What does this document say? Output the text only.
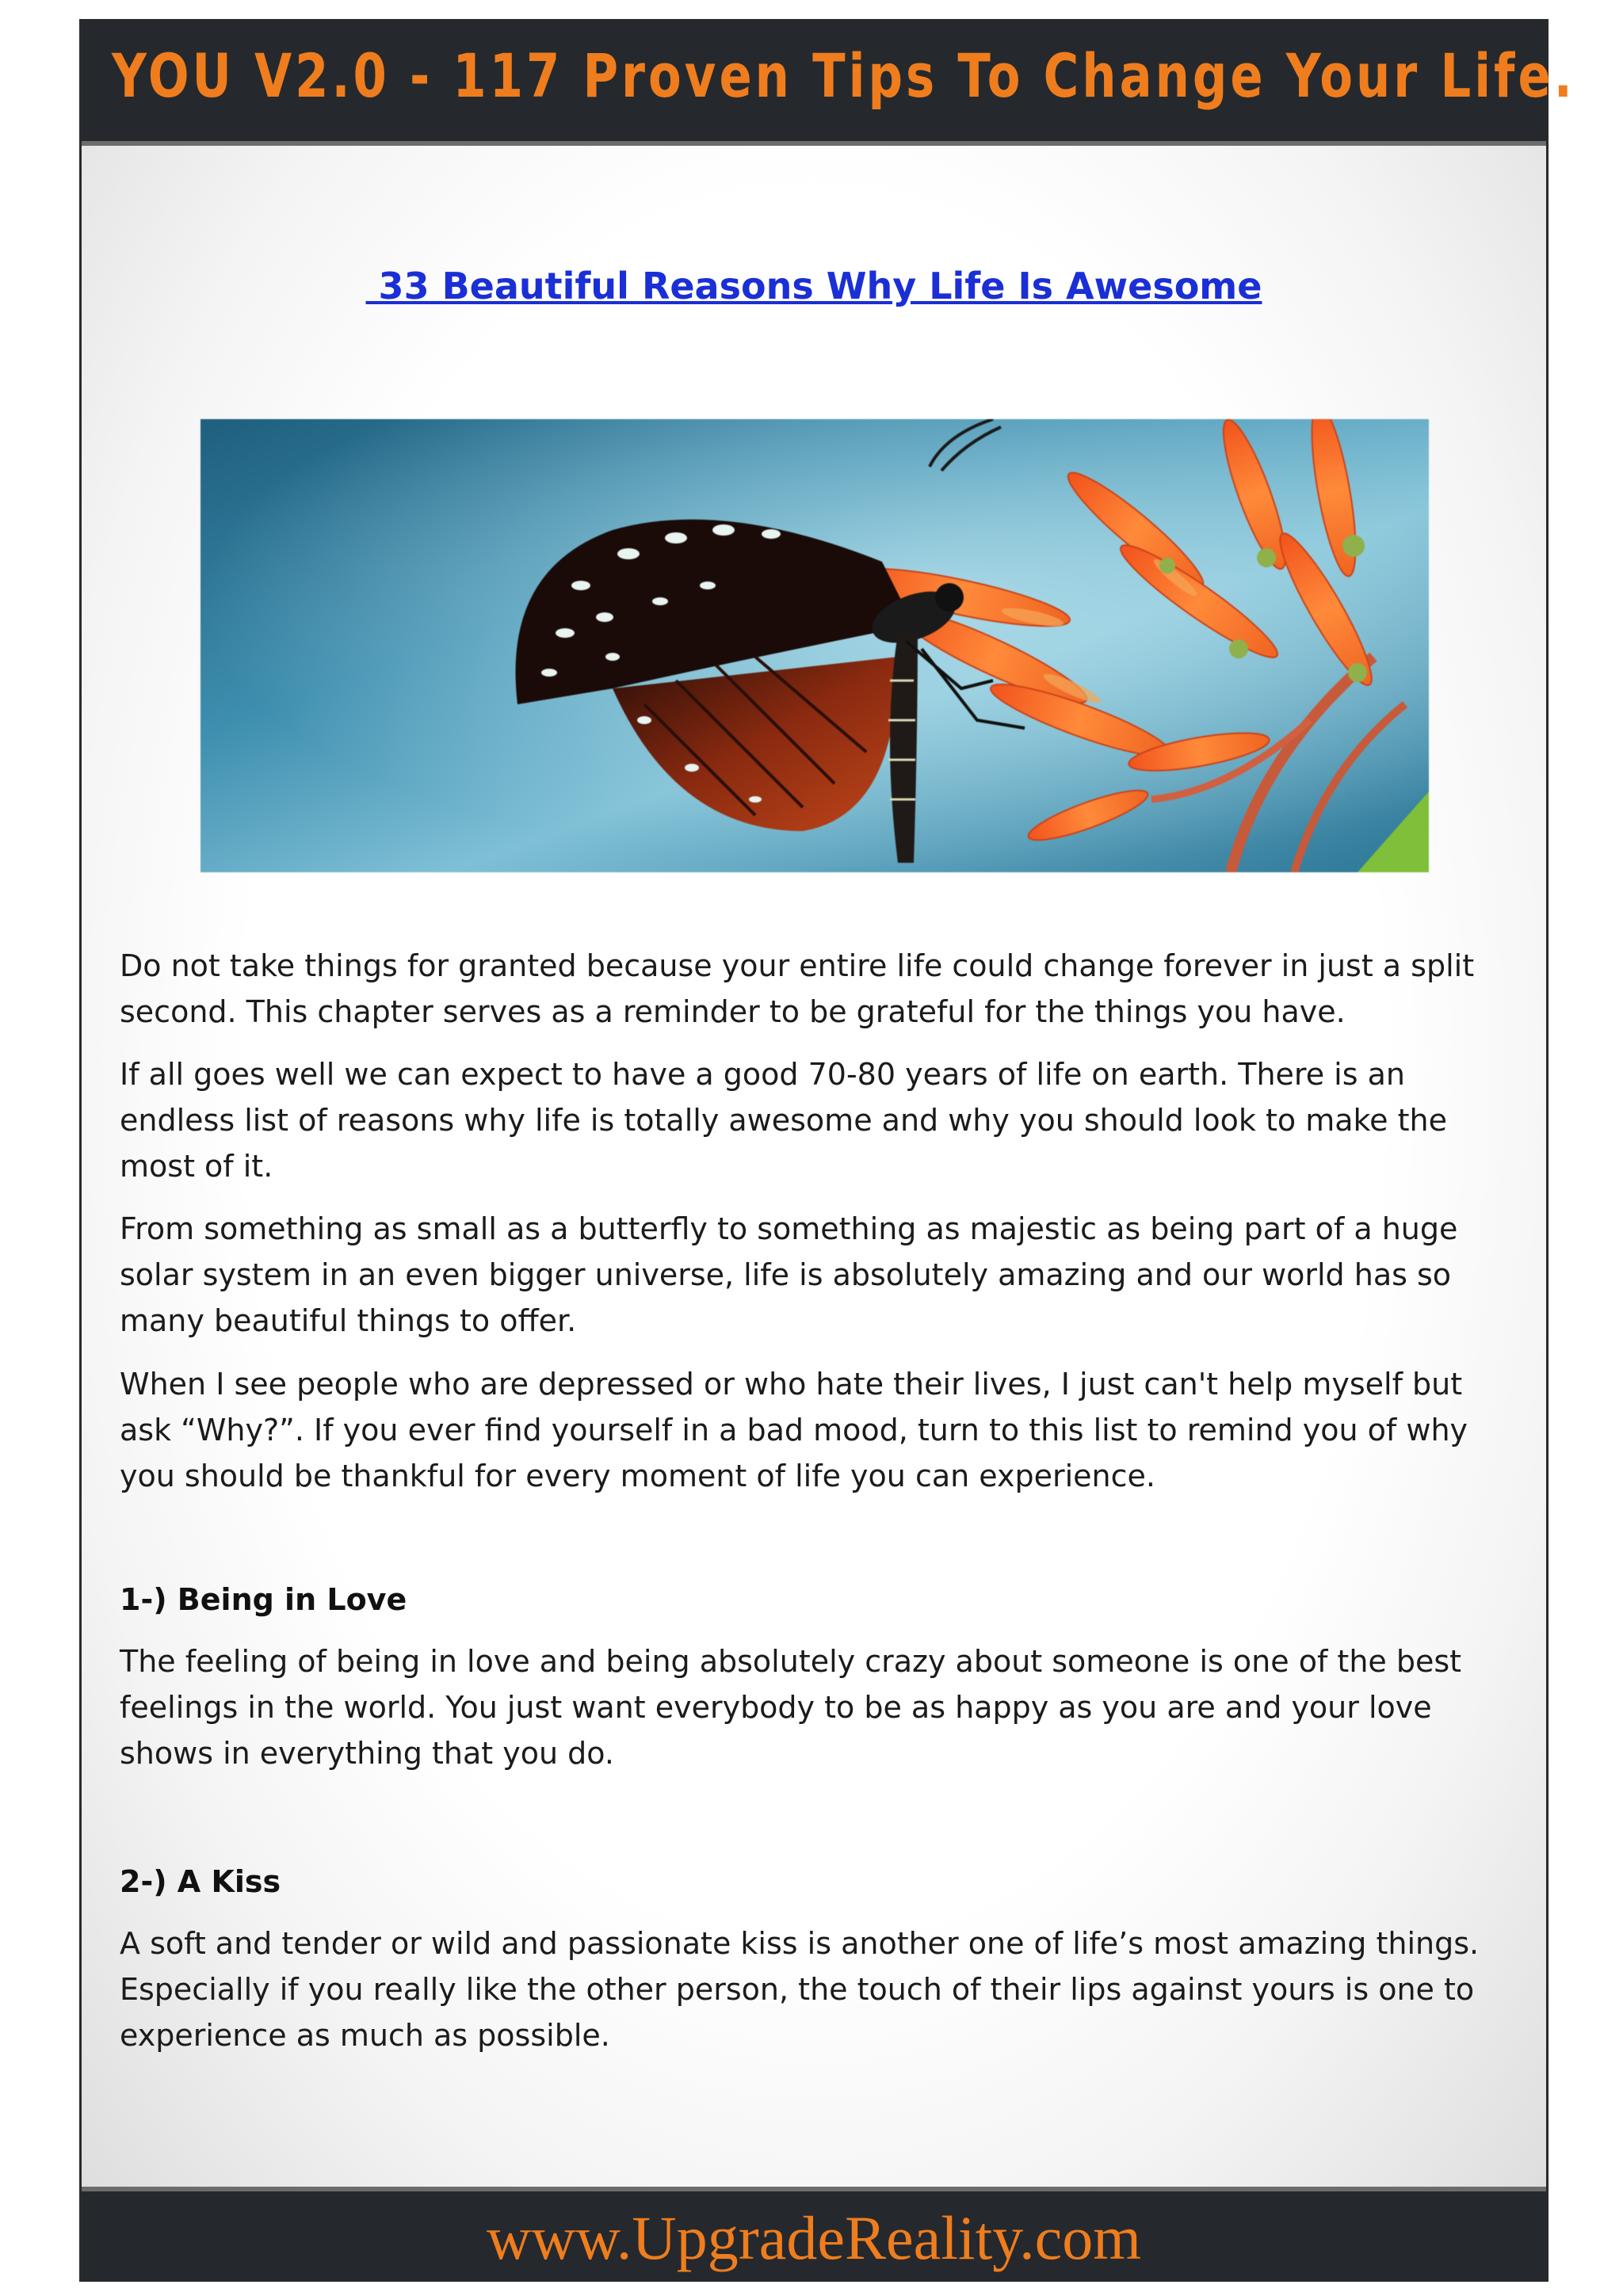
YOU V2.0 - 117 Proven Tips To Change Your Life.
33 Beautiful Reasons Why Life Is Awesome

Do not take things for granted because your entire life could change forever in just a split second. This chapter serves as a reminder to be grateful for the things you have.

If all goes well we can expect to have a good 70-80 years of life on earth. There is an endless list of reasons why life is totally awesome and why you should look to make the most of it.

From something as small as a butterfly to something as majestic as being part of a huge solar system in an even bigger universe, life is absolutely amazing and our world has so many beautiful things to offer.

When I see people who are depressed or who hate their lives, I just can't help myself but ask “Why?”. If you ever find yourself in a bad mood, turn to this list to remind you of why you should be thankful for every moment of life you can experience.

1-) Being in Love

The feeling of being in love and being absolutely crazy about someone is one of the best feelings in the world. You just want everybody to be as happy as you are and your love shows in everything that you do.

2-) A Kiss

A soft and tender or wild and passionate kiss is another one of life’s most amazing things. Especially if you really like the other person, the touch of their lips against yours is one to experience as much as possible.

www.UpgradeReality.com
